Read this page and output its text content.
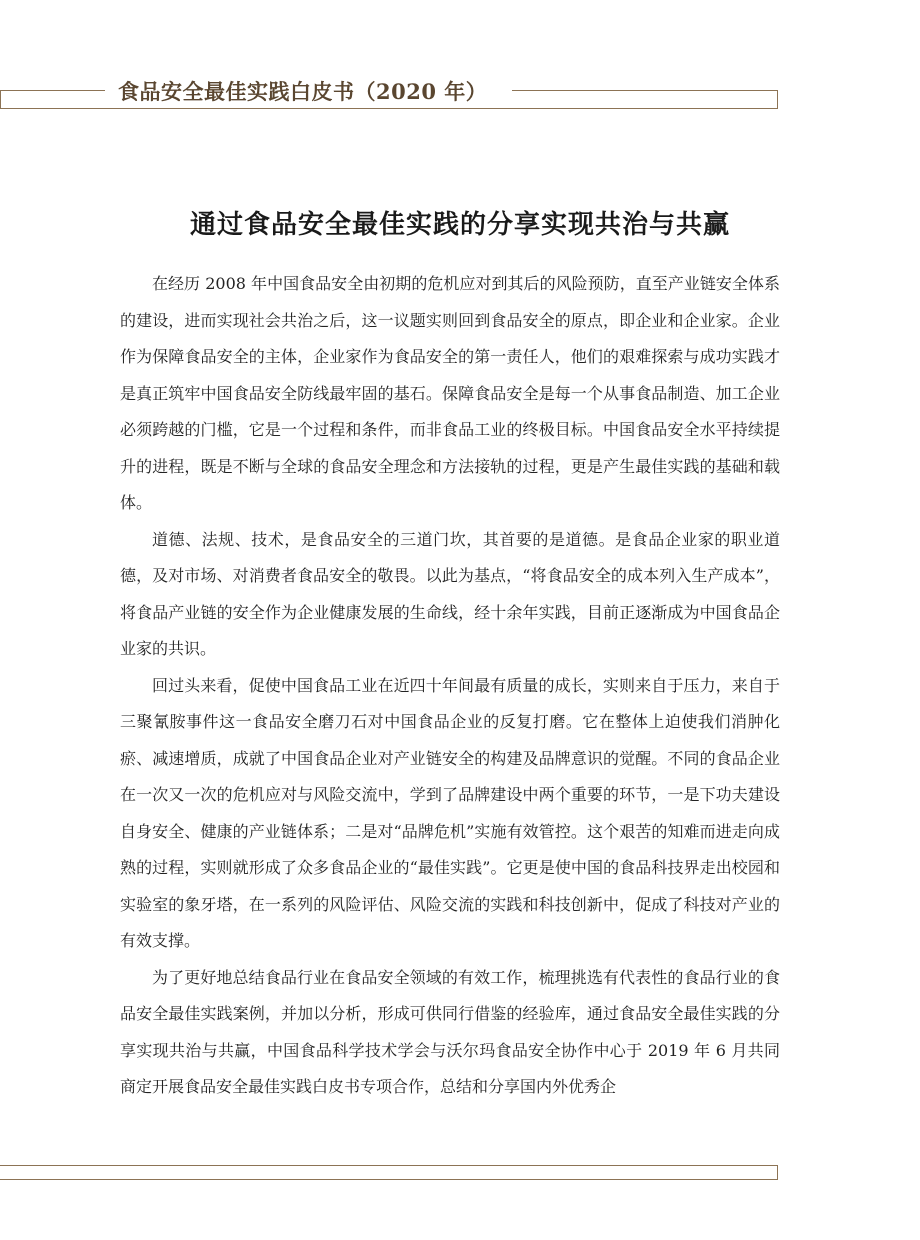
食品安全最佳实践白皮书（2020 年）
通过食品安全最佳实践的分享实现共治与共赢

在经历 2008 年中国食品安全由初期的危机应对到其后的风险预防，直至产业链安全体系的建设，进而实现社会共治之后，这一议题实则回到食品安全的原点，即企业和企业家。企业作为保障食品安全的主体，企业家作为食品安全的第一责任人，他们的艰难探索与成功实践才是真正筑牢中国食品安全防线最牢固的基石。保障食品安全是每一个从事食品制造、加工企业必须跨越的门槛，它是一个过程和条件，而非食品工业的终极目标。中国食品安全水平持续提升的进程，既是不断与全球的食品安全理念和方法接轨的过程，更是产生最佳实践的基础和载体。

道德、法规、技术，是食品安全的三道门坎，其首要的是道德。是食品企业家的职业道德，及对市场、对消费者食品安全的敬畏。以此为基点，“将食品安全的成本列入生产成本”，将食品产业链的安全作为企业健康发展的生命线，经十余年实践，目前正逐渐成为中国食品企业家的共识。

回过头来看，促使中国食品工业在近四十年间最有质量的成长，实则来自于压力，来自于三聚氰胺事件这一食品安全磨刀石对中国食品企业的反复打磨。它在整体上迫使我们消肿化瘀、减速增质，成就了中国食品企业对产业链安全的构建及品牌意识的觉醒。不同的食品企业在一次又一次的危机应对与风险交流中，学到了品牌建设中两个重要的环节，一是下功夫建设自身安全、健康的产业链体系；二是对“品牌危机”实施有效管控。这个艰苦的知难而进走向成熟的过程，实则就形成了众多食品企业的“最佳实践”。它更是使中国的食品科技界走出校园和实验室的象牙塔，在一系列的风险评估、风险交流的实践和科技创新中，促成了科技对产业的有效支撑。

为了更好地总结食品行业在食品安全领域的有效工作，梳理挑选有代表性的食品行业的食品安全最佳实践案例，并加以分析，形成可供同行借鉴的经验库，通过食品安全最佳实践的分享实现共治与共赢，中国食品科学技术学会与沃尔玛食品安全协作中心于 2019 年 6 月共同商定开展食品安全最佳实践白皮书专项合作，总结和分享国内外优秀企
